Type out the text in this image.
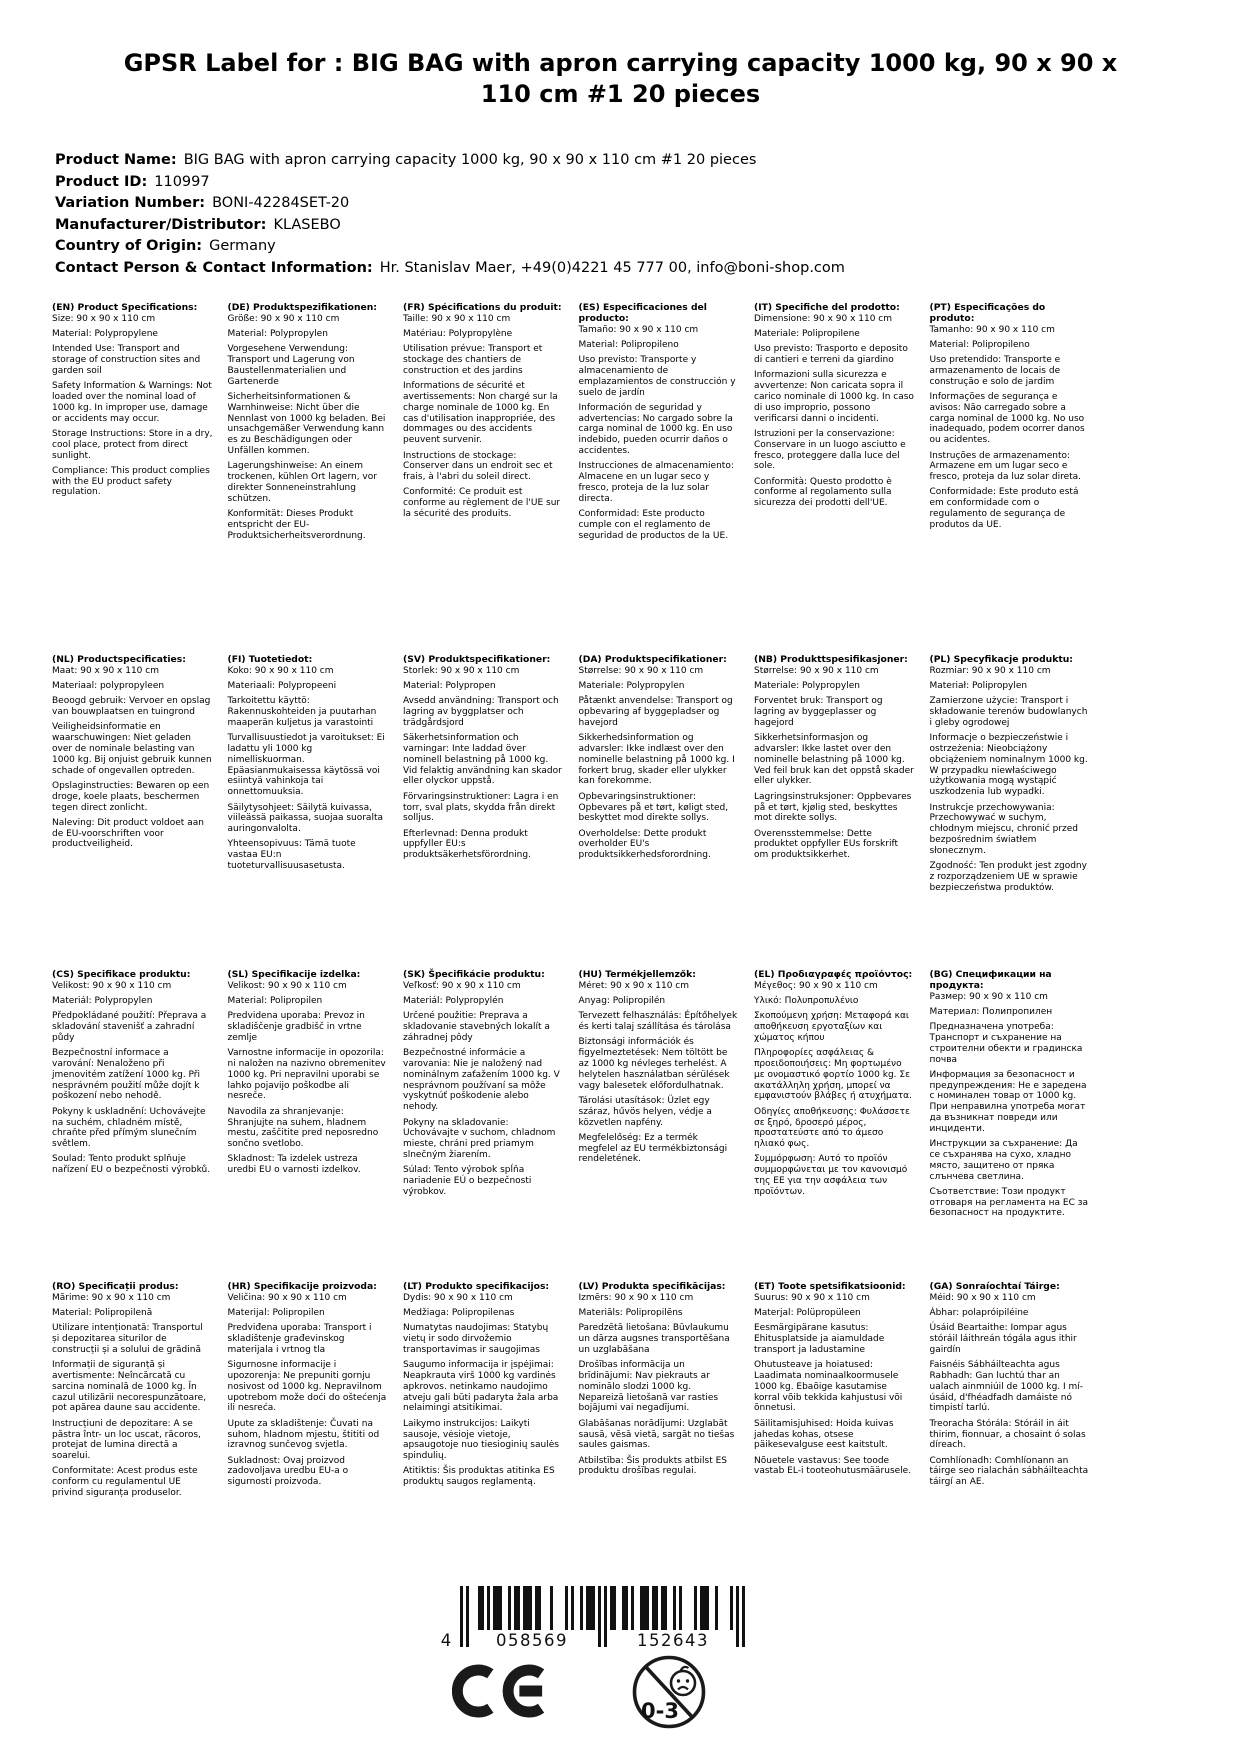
GPSR Label for : BIG BAG with apron carrying capacity 1000 kg, 90 x 90 x 110 cm #1 20 pieces
Product Name: BIG BAG with apron carrying capacity 1000 kg, 90 x 90 x 110 cm #1 20 pieces
Product ID: 110997
Variation Number: BONI-42284SET-20
Manufacturer/Distributor: KLASEBO
Country of Origin: Germany
Contact Person & Contact Information: Hr. Stanislav Maer, +49(0)4221 45 777 00, info@boni-shop.com
(EN) Product Specifications:

Size: 90 x 90 x 110 cm

Material: Polypropylene

Intended Use: Transport and storage of construction sites and garden soil

Safety Information & Warnings: Not loaded over the nominal load of 1000 kg. In improper use, damage or accidents may occur.

Storage Instructions: Store in a dry, cool place, protect from direct sunlight.

Compliance: This product complies with the EU product safety regulation.

(DE) Produktspezifikationen:

Größe: 90 x 90 x 110 cm

Material: Polypropylen

Vorgesehene Verwendung: Transport und Lagerung von Baustellenmaterialien und Gartenerde

Sicherheitsinformationen & Warnhinweise: Nicht über die Nennlast von 1000 kg beladen. Bei unsachgemäßer Verwendung kann es zu Beschädigungen oder Unfällen kommen.

Lagerungshinweise: An einem trockenen, kühlen Ort lagern, vor direkter Sonneneinstrahlung schützen.

Konformität: Dieses Produkt entspricht der EU-Produktsicherheitsverordnung.

(FR) Spécifications du produit:

Taille: 90 x 90 x 110 cm

Matériau: Polypropylène

Utilisation prévue: Transport et stockage des chantiers de construction et des jardins

Informations de sécurité et avertissements: Non chargé sur la charge nominale de 1000 kg. En cas d'utilisation inappropriée, des dommages ou des accidents peuvent survenir.

Instructions de stockage: Conserver dans un endroit sec et frais, à l'abri du soleil direct.

Conformité: Ce produit est conforme au règlement de l'UE sur la sécurité des produits.

(ES) Especificaciones del producto:

Tamaño: 90 x 90 x 110 cm

Material: Polipropileno

Uso previsto: Transporte y almacenamiento de emplazamientos de construcción y suelo de jardín

Información de seguridad y advertencias: No cargado sobre la carga nominal de 1000 kg. En uso indebido, pueden ocurrir daños o accidentes.

Instrucciones de almacenamiento: Almacene en un lugar seco y fresco, proteja de la luz solar directa.

Conformidad: Este producto cumple con el reglamento de seguridad de productos de la UE.

(IT) Specifiche del prodotto:

Dimensione: 90 x 90 x 110 cm

Materiale: Polipropilene

Uso previsto: Trasporto e deposito di cantieri e terreni da giardino

Informazioni sulla sicurezza e avvertenze: Non caricata sopra il carico nominale di 1000 kg. In caso di uso improprio, possono verificarsi danni o incidenti.

Istruzioni per la conservazione: Conservare in un luogo asciutto e fresco, proteggere dalla luce del sole.

Conformità: Questo prodotto è conforme al regolamento sulla sicurezza dei prodotti dell'UE.

(PT) Especificações do produto:

Tamanho: 90 x 90 x 110 cm

Material: Polipropileno

Uso pretendido: Transporte e armazenamento de locais de construção e solo de jardim

Informações de segurança e avisos: Não carregado sobre a carga nominal de 1000 kg. No uso inadequado, podem ocorrer danos ou acidentes.

Instruções de armazenamento: Armazene em um lugar seco e fresco, proteja da luz solar direta.

Conformidade: Este produto está em conformidade com o regulamento de segurança de produtos da UE.

(NL) Productspecificaties:

Maat: 90 x 90 x 110 cm

Materiaal: polypropyleen

Beoogd gebruik: Vervoer en opslag van bouwplaatsen en tuingrond

Veiligheidsinformatie en waarschuwingen: Niet geladen over de nominale belasting van 1000 kg. Bij onjuist gebruik kunnen schade of ongevallen optreden.

Opslaginstructies: Bewaren op een droge, koele plaats, beschermen tegen direct zonlicht.

Naleving: Dit product voldoet aan de EU-voorschriften voor productveiligheid.

(FI) Tuotetiedot:

Koko: 90 x 90 x 110 cm

Materiaali: Polypropeeni

Tarkoitettu käyttö: Rakennuskohteiden ja puutarhan maaperän kuljetus ja varastointi

Turvallisuustiedot ja varoitukset: Ei ladattu yli 1000 kg nimelliskuorman. Epäasianmukaisessa käytössä voi esiintyä vahinkoja tai onnettomuuksia.

Säilytysohjeet: Säilytä kuivassa, viileässä paikassa, suojaa suoralta auringonvalolta.

Yhteensopivuus: Tämä tuote vastaa EU:n tuoteturvallisuusasetusta.

(SV) Produktspecifikationer:

Storlek: 90 x 90 x 110 cm

Material: Polypropen

Avsedd användning: Transport och lagring av byggplatser och trädgårdsjord

Säkerhetsinformation och varningar: Inte laddad över nominell belastning på 1000 kg. Vid felaktig användning kan skador eller olyckor uppstå.

Förvaringsinstruktioner: Lagra i en torr, sval plats, skydda från direkt solljus.

Efterlevnad: Denna produkt uppfyller EU:s produktsäkerhetsförordning.

(DA) Produktspecifikationer:

Størrelse: 90 x 90 x 110 cm

Materiale: Polypropylen

Påtænkt anvendelse: Transport og opbevaring af byggepladser og havejord

Sikkerhedsinformation og advarsler: Ikke indlæst over den nominelle belastning på 1000 kg. I forkert brug, skader eller ulykker kan forekomme.

Opbevaringsinstruktioner: Opbevares på et tørt, køligt sted, beskyttet mod direkte sollys.

Overholdelse: Dette produkt overholder EU's produktsikkerhedsforordning.

(NB) Produkttspesifikasjoner:

Størrelse: 90 x 90 x 110 cm

Materiale: Polypropylen

Forventet bruk: Transport og lagring av byggeplasser og hagejord

Sikkerhetsinformasjon og advarsler: Ikke lastet over den nominelle belastning på 1000 kg. Ved feil bruk kan det oppstå skader eller ulykker.

Lagringsinstruksjoner: Oppbevares på et tørt, kjølig sted, beskyttes mot direkte sollys.

Overensstemmelse: Dette produktet oppfyller EUs forskrift om produktsikkerhet.

(PL) Specyfikacje produktu:

Rozmiar: 90 x 90 x 110 cm

Materiał: Polipropylen

Zamierzone użycie: Transport i składowanie terenów budowlanych i gleby ogrodowej

Informacje o bezpieczeństwie i ostrzeżenia: Nieobciążony obciążeniem nominalnym 1000 kg. W przypadku niewłaściwego użytkowania mogą wystąpić uszkodzenia lub wypadki.

Instrukcje przechowywania: Przechowywać w suchym, chłodnym miejscu, chronić przed bezpośrednim światłem słonecznym.

Zgodność: Ten produkt jest zgodny z rozporządzeniem UE w sprawie bezpieczeństwa produktów.

(CS) Specifikace produktu:

Velikost: 90 x 90 x 110 cm

Materiál: Polypropylen

Předpokládané použití: Přeprava a skladování stavenišť a zahradní půdy

Bezpečnostní informace a varování: Nenaloženo při jmenovitém zatížení 1000 kg. Při nesprávném použití může dojít k poškození nebo nehodě.

Pokyny k uskladnění: Uchovávejte na suchém, chladném místě, chraňte před přímým slunečním světlem.

Soulad: Tento produkt splňuje nařízení EU o bezpečnosti výrobků.

(SL) Specifikacije izdelka:

Velikost: 90 x 90 x 110 cm

Material: Polipropilen

Predvidena uporaba: Prevoz in skladiščenje gradbišč in vrtne zemlje

Varnostne informacije in opozorila: ni naložen na nazivno obremenitev 1000 kg. Pri nepravilni uporabi se lahko pojavijo poškodbe ali nesreče.

Navodila za shranjevanje: Shranjujte na suhem, hladnem mestu, zaščitite pred neposredno sončno svetlobo.

Skladnost: Ta izdelek ustreza uredbi EU o varnosti izdelkov.

(SK) Špecifikácie produktu:

Veľkosť: 90 x 90 x 110 cm

Materiál: Polypropylén

Určené použitie: Preprava a skladovanie stavebných lokalít a záhradnej pôdy

Bezpečnostné informácie a varovania: Nie je naložený nad nominálnym zaťažením 1000 kg. V nesprávnom používaní sa môže vyskytnúť poškodenie alebo nehody.

Pokyny na skladovanie: Uchovávajte v suchom, chladnom mieste, chráni pred priamym slnečným žiarením.

Súlad: Tento výrobok spĺňa nariadenie EÚ o bezpečnosti výrobkov.

(HU) Termékjellemzők:

Méret: 90 x 90 x 110 cm

Anyag: Polipropilén

Tervezett felhasználás: Építőhelyek és kerti talaj szállítása és tárolása

Biztonsági információk és figyelmeztetések: Nem töltött be az 1000 kg névleges terhelést. A helytelen használatban sérülések vagy balesetek előfordulhatnak.

Tárolási utasítások: Üzlet egy száraz, hűvös helyen, védje a közvetlen napfény.

Megfelelőség: Ez a termék megfelel az EU termékbiztonsági rendeletének.

(EL) Προδιαγραφές προϊόντος:

Μέγεθος: 90 x 90 x 110 cm

Υλικό: Πολυπροπυλένιο

Σκοπούμενη χρήση: Μεταφορά και αποθήκευση εργοταξίων και χώματος κήπου

Πληροφορίες ασφάλειας & προειδοποιήσεις: Μη φορτωμένο με ονομαστικό φορτίο 1000 kg. Σε ακατάλληλη χρήση, μπορεί να εμφανιστούν βλάβες ή ατυχήματα.

Οδηγίες αποθήκευσης: Φυλάσσετε σε ξηρό, δροσερό μέρος, προστατεύστε από το άμεσο ηλιακό φως.

Συμμόρφωση: Αυτό το προϊόν συμμορφώνεται με τον κανονισμό της ΕΕ για την ασφάλεια των προϊόντων.

(BG) Спецификации на продукта:

Размер: 90 x 90 x 110 cm

Материал: Полипропилен

Предназначена употреба: Транспорт и съхранение на строителни обекти и градинска почва

Информация за безопасност и предупреждения: Не е заредена с номинален товар от 1000 kg. При неправилна употреба могат да възникнат повреди или инциденти.

Инструкции за съхранение: Да се съхранява на сухо, хладно място, защитено от пряка слънчева светлина.

Съответствие: Този продукт отговаря на регламента на ЕС за безопасност на продуктите.

(RO) Specificații produs:

Mărime: 90 x 90 x 110 cm

Material: Polipropilenă

Utilizare intenționată: Transportul și depozitarea siturilor de construcții și a solului de grădină

Informații de siguranță și avertismente: Neîncărcată cu sarcina nominală de 1000 kg. În cazul utilizării necorespunzătoare, pot apărea daune sau accidente.

Instrucțiuni de depozitare: A se păstra într- un loc uscat, răcoros, protejat de lumina directă a soarelui.

Conformitate: Acest produs este conform cu regulamentul UE privind siguranța produselor.

(HR) Specifikacije proizvoda:

Veličina: 90 x 90 x 110 cm

Materijal: Polipropilen

Predviđena uporaba: Transport i skladištenje građevinskog materijala i vrtnog tla

Sigurnosne informacije i upozorenja: Ne prepuniti gornju nosivost od 1000 kg. Nepravilnom upotrebom može doći do oštećenja ili nesreća.

Upute za skladištenje: Čuvati na suhom, hladnom mjestu, štititi od izravnog sunčevog svjetla.

Sukladnost: Ovaj proizvod zadovoljava uredbu EU-a o sigurnosti proizvoda.

(LT) Produkto specifikacijos:

Dydis: 90 x 90 x 110 cm

Medžiaga: Polipropilenas

Numatytas naudojimas: Statybų vietų ir sodo dirvožemio transportavimas ir saugojimas

Saugumo informacija ir įspėjimai: Neapkrauta virš 1000 kg vardinės apkrovos. netinkamo naudojimo atveju gali būti padaryta žala arba nelaimingi atsitikimai.

Laikymo instrukcijos: Laikyti sausoje, vėsioje vietoje, apsaugotoje nuo tiesioginių saulės spindulių.

Atitiktis: Šis produktas atitinka ES produktų saugos reglamentą.

(LV) Produkta specifikācijas:

Izmērs: 90 x 90 x 110 cm

Materiāls: Polipropilēns

Paredzētā lietošana: Būvlaukumu un dārza augsnes transportēšana un uzglabāšana

Drošības informācija un brīdinājumi: Nav piekrauts ar nominālo slodzi 1000 kg. Nepareizā lietošanā var rasties bojājumi vai negadījumi.

Glabāšanas norādījumi: Uzglabāt sausā, vēsā vietā, sargāt no tiešas saules gaismas.

Atbilstība: Šis produkts atbilst ES produktu drošības regulai.

(ET) Toote spetsifikatsioonid:

Suurus: 90 x 90 x 110 cm

Materjal: Polüpropüleen

Eesmärgipärane kasutus: Ehitusplatside ja aiamuldade transport ja ladustamine

Ohutusteave ja hoiatused: Laadimata nominaalkoormusele 1000 kg. Ebaõige kasutamise korral võib tekkida kahjustusi või õnnetusi.

Säilitamisjuhised: Hoida kuivas jahedas kohas, otsese päikesevalguse eest kaitstult.

Nõuetele vastavus: See toode vastab EL-i tooteohutusmäärusele.

(GA) Sonraíochtaí Táirge:

Méid: 90 x 90 x 110 cm

Ábhar: polapróipiléine

Úsáid Beartaithe: Iompar agus stóráil láithreán tógála agus ithir gairdín

Faisnéis Sábháilteachta agus Rabhadh: Gan luchtú thar an ualach ainmniúil de 1000 kg. I mí-úsáid, d'fhéadfadh damáiste nó timpistí tarlú.

Treoracha Stórála: Stóráil in áit thirim, fionnuar, a chosaint ó solas díreach.

Comhlíonadh: Comhlíonann an táirge seo rialachán sábháilteachta táirgí an AE.

4	058569	152643
0-3
